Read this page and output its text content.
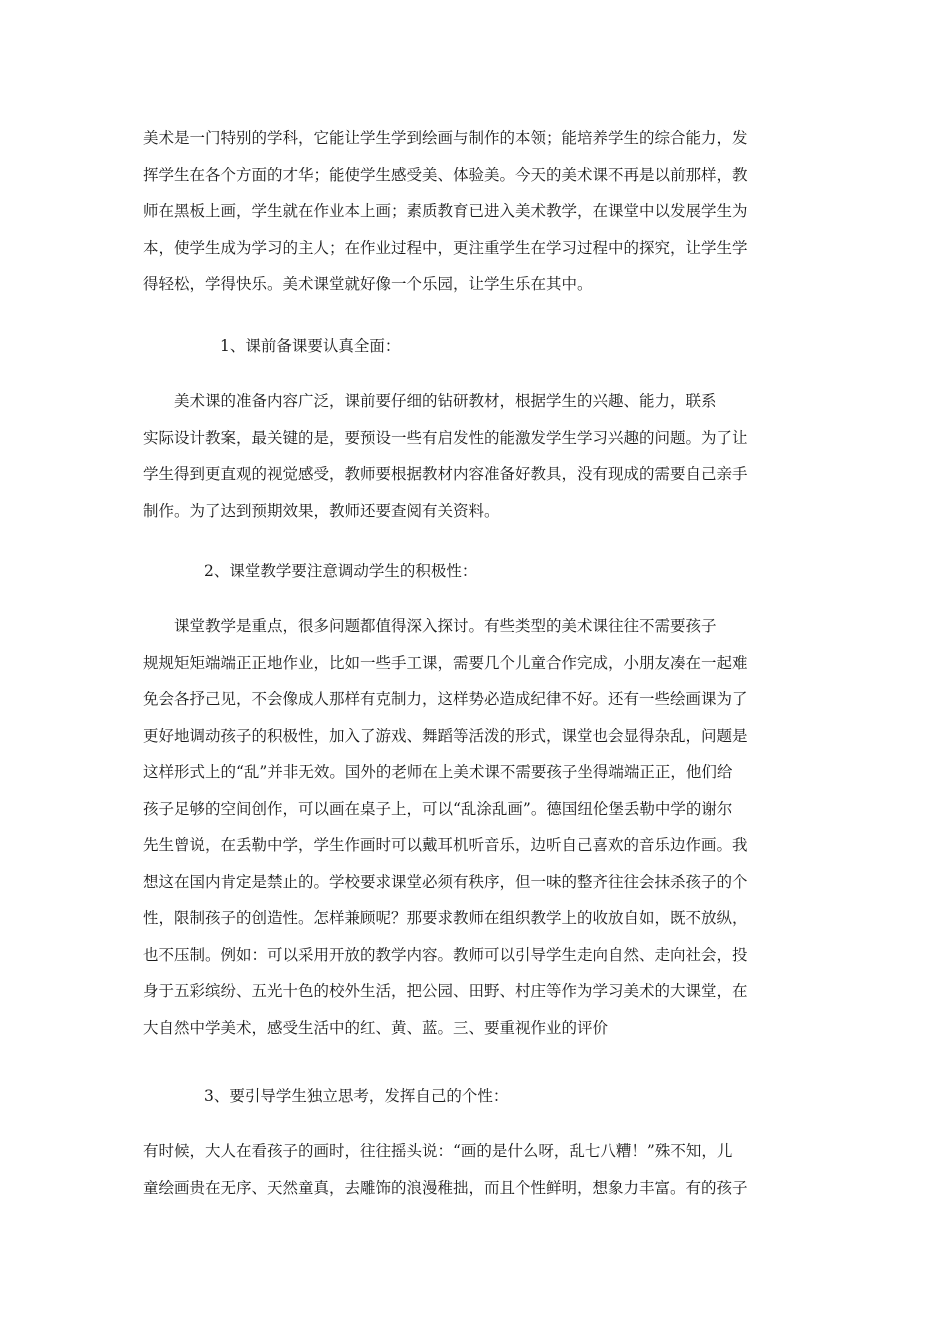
美术是一门特别的学科，它能让学生学到绘画与制作的本领；能培养学生的综合能力，发
挥学生在各个方面的才华；能使学生感受美、体验美。今天的美术课不再是以前那样，教
师在黑板上画，学生就在作业本上画；素质教育已进入美术教学，在课堂中以发展学生为
本，使学生成为学习的主人；在作业过程中，更注重学生在学习过程中的探究，让学生学
得轻松，学得快乐。美术课堂就好像一个乐园，让学生乐在其中。
1、课前备课要认真全面：
　　美术课的准备内容广泛，课前要仔细的钻研教材，根据学生的兴趣、能力，联系
实际设计教案，最关键的是，要预设一些有启发性的能激发学生学习兴趣的问题。为了让
学生得到更直观的视觉感受，教师要根据教材内容准备好教具，没有现成的需要自己亲手
制作。为了达到预期效果，教师还要查阅有关资料。
2、课堂教学要注意调动学生的积极性：
　　课堂教学是重点，很多问题都值得深入探讨。有些类型的美术课往往不需要孩子
规规矩矩端端正正地作业，比如一些手工课，需要几个儿童合作完成，小朋友凑在一起难
免会各抒己见，不会像成人那样有克制力，这样势必造成纪律不好。还有一些绘画课为了
更好地调动孩子的积极性，加入了游戏、舞蹈等活泼的形式，课堂也会显得杂乱，问题是
这样形式上的“乱”并非无效。国外的老师在上美术课不需要孩子坐得端端正正，他们给
孩子足够的空间创作，可以画在桌子上，可以“乱涂乱画”。德国纽伦堡丢勒中学的谢尔
先生曾说，在丢勒中学，学生作画时可以戴耳机听音乐，边听自己喜欢的音乐边作画。我
想这在国内肯定是禁止的。学校要求课堂必须有秩序，但一味的整齐往往会抹杀孩子的个
性，限制孩子的创造性。怎样兼顾呢？那要求教师在组织教学上的收放自如，既不放纵，
也不压制。例如：可以采用开放的教学内容。教师可以引导学生走向自然、走向社会，投
身于五彩缤纷、五光十色的校外生活，把公园、田野、村庄等作为学习美术的大课堂，在
大自然中学美术，感受生活中的红、黄、蓝。三、要重视作业的评价
3、要引导学生独立思考，发挥自己的个性：
有时候，大人在看孩子的画时，往往摇头说：“画的是什么呀，乱七八糟！”殊不知，儿
童绘画贵在无序、天然童真，去雕饰的浪漫稚拙，而且个性鲜明，想象力丰富。有的孩子
